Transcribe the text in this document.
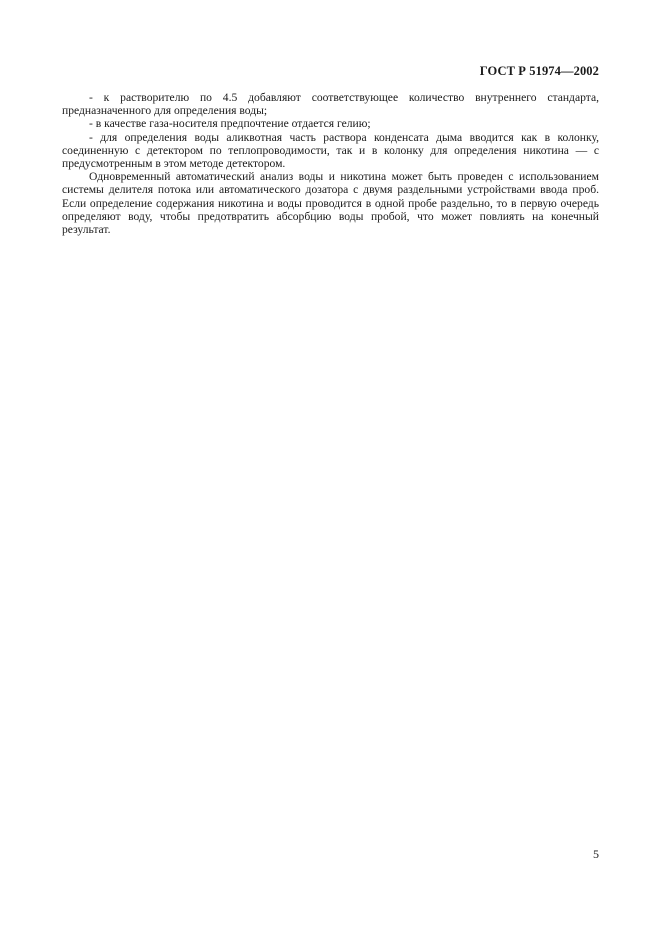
ГОСТ Р 51974—2002

- к растворителю по 4.5 добавляют соответствующее количество внутреннего стандарта, предназначенного для определения воды;

- в качестве газа-носителя предпочтение отдается гелию;

- для определения воды аликвотная часть раствора конденсата дыма вводится как в колонку, соединенную с детектором по теплопроводимости, так и в колонку для определения никотина — с предусмотренным в этом методе детектором.

Одновременный автоматический анализ воды и никотина может быть проведен с использованием системы делителя потока или автоматического дозатора с двумя раздельными устройствами ввода проб. Если определение содержания никотина и воды проводится в одной пробе раздельно, то в первую очередь определяют воду, чтобы предотвратить абсорбцию воды пробой, что может повлиять на конечный результат.

5
